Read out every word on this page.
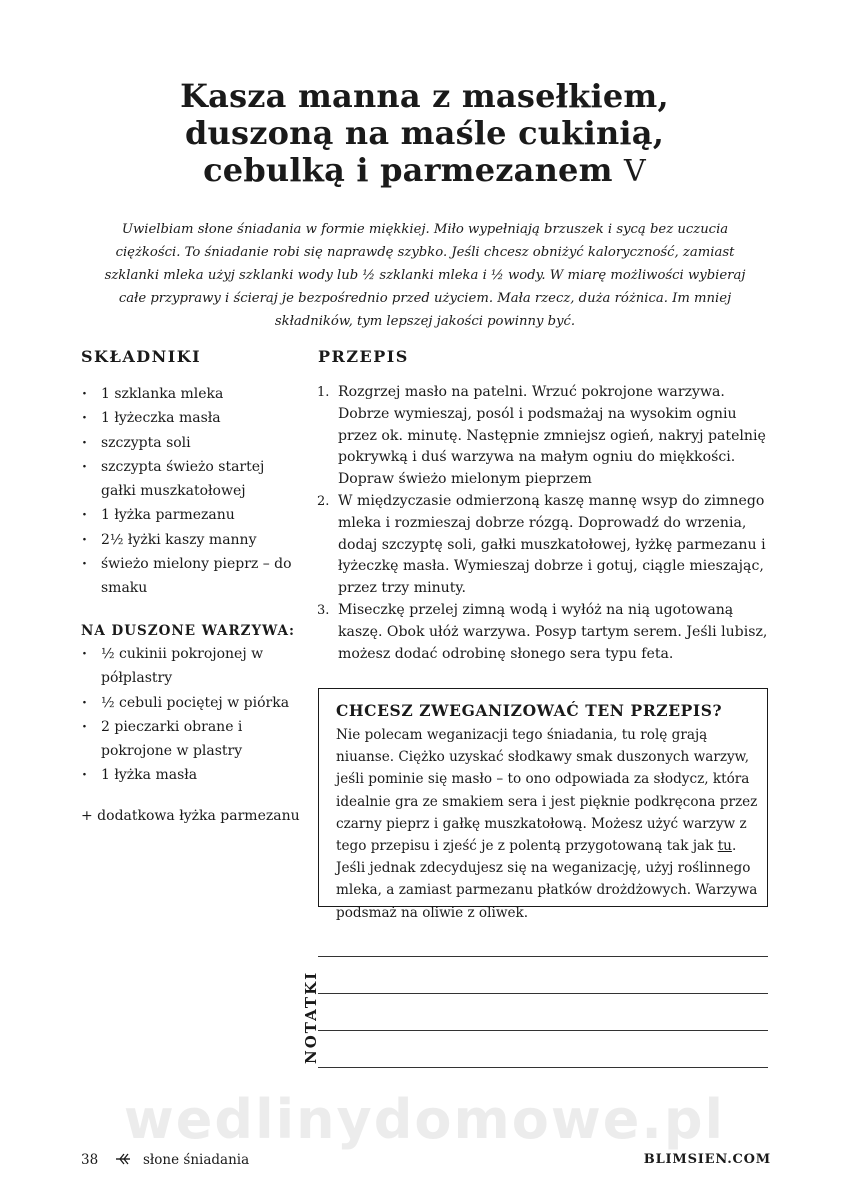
Kasza manna z masełkiem,
duszoną na maśle cukinią,
cebulką i parmezanem V
Uwielbiam słone śniadania w formie miękkiej. Miło wypełniają brzuszek i sycą bez uczucia ciężkości. To śniadanie robi się naprawdę szybko. Jeśli chcesz obniżyć kaloryczność, zamiast szklanki mleka użyj szklanki wody lub ½ szklanki mleka i ½ wody. W miarę możliwości wybieraj całe przyprawy i ścieraj je bezpośrednio przed użyciem. Mała rzecz, duża różnica. Im mniej składników, tym lepszej jakości powinny być.
SKŁADNIKI
· 1 szklanka mleka
· 1 łyżeczka masła
· szczypta soli
· szczypta świeżo startej gałki muszkatołowej
· 1 łyżka parmezanu
· 2½ łyżki kaszy manny
· świeżo mielony pieprz – do smaku
NA DUSZONE WARZYWA:
· ½ cukinii pokrojonej w półplastry
· ½ cebuli pociętej w piórka
· 2 pieczarki obrane i pokrojone w plastry
· 1 łyżka masła
+ dodatkowa łyżka parmezanu
PRZEPIS
1. Rozgrzej masło na patelni. Wrzuć pokrojone warzywa. Dobrze wymieszaj, posól i podsmażaj na wysokim ogniu przez ok. minutę. Następnie zmniejsz ogień, nakryj patelnię pokrywką i duś warzywa na małym ogniu do miękkości. Dopraw świeżo mielonym pieprzem
2. W międzyczasie odmierzoną kaszę mannę wsyp do zimnego mleka i rozmieszaj dobrze rózgą. Doprowadź do wrzenia, dodaj szczyptę soli, gałki muszkatołowej, łyżkę parmezanu i łyżeczkę masła. Wymieszaj dobrze i gotuj, ciągle mieszając, przez trzy minuty.
3. Miseczkę przelej zimną wodą i wyłóż na nią ugotowaną kaszę. Obok ułóż warzywa. Posyp tartym serem. Jeśli lubisz, możesz dodać odrobinę słonego sera typu feta.
CHCESZ ZWEGANIZOWAĆ TEN PRZEPIS?
Nie polecam weganizacji tego śniadania, tu rolę grają niuanse. Ciężko uzyskać słodkawy smak duszonych warzyw, jeśli pominie się masło – to ono odpowiada za słodycz, która idealnie gra ze smakiem sera i jest pięknie podkręcona przez czarny pieprz i gałkę muszkatołową. Możesz użyć warzyw z tego przepisu i zjeść je z polentą przygotowaną tak jak tu. Jeśli jednak zdecydujesz się na weganizację, użyj roślinnego mleka, a zamiast parmezanu płatków drożdżowych. Warzywa podsmaż na oliwie z oliwek.
NOTATKI
wedlinydomowe.pl
38	słone śniadania	BLIMSIEN.COM
